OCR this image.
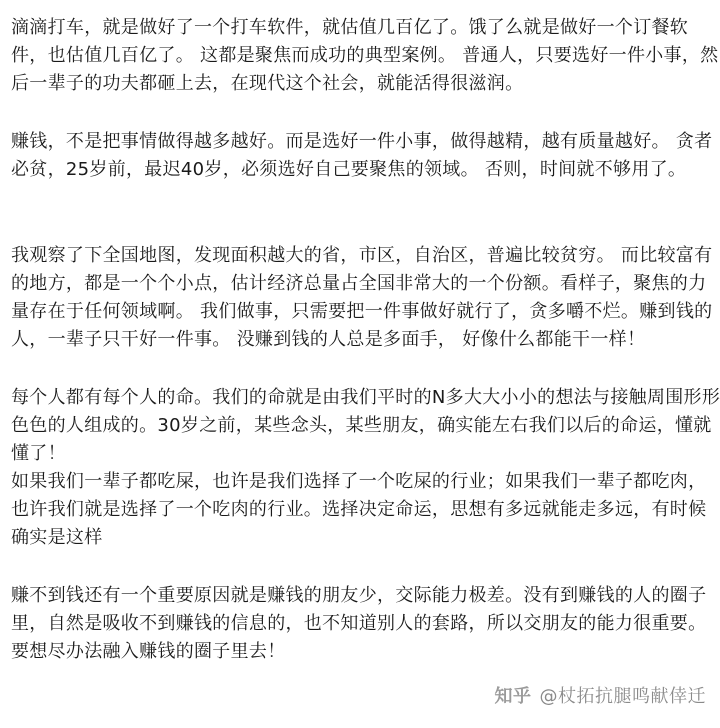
滴滴打车，就是做好了一个打车软件，就估值几百亿了。饿了么就是做好一个订餐软
件，也估值几百亿了。 这都是聚焦而成功的典型案例。 普通人，只要选好一件小事，然
后一辈子的功夫都砸上去，在现代这个社会，就能活得很滋润。
赚钱，不是把事情做得越多越好。而是选好一件小事，做得越精，越有质量越好。 贪者
必贫，25岁前，最迟40岁，必须选好自己要聚焦的领域。 否则，时间就不够用了。
我观察了下全国地图，发现面积越大的省，市区，自治区，普遍比较贫穷。 而比较富有
的地方，都是一个个小点，估计经济总量占全国非常大的一个份额。看样子，聚焦的力
量存在于任何领域啊。 我们做事，只需要把一件事做好就行了，贪多嚼不烂。赚到钱的
人，一辈子只干好一件事。 没赚到钱的人总是多面手， 好像什么都能干一样！
每个人都有每个人的命。我们的命就是由我们平时的N多大大小小的想法与接触周围形形
色色的人组成的。30岁之前，某些念头，某些朋友，确实能左右我们以后的命运，懂就
懂了！
如果我们一辈子都吃屎，也许是我们选择了一个吃屎的行业；如果我们一辈子都吃肉，
也许我们就是选择了一个吃肉的行业。选择决定命运，思想有多远就能走多远，有时候
确实是这样
赚不到钱还有一个重要原因就是赚钱的朋友少，交际能力极差。没有到赚钱的人的圈子
里，自然是吸收不到赚钱的信息的，也不知道别人的套路，所以交朋友的能力很重要。
要想尽办法融入赚钱的圈子里去！
知乎 @杖拓抗腿鸣献倖迁
